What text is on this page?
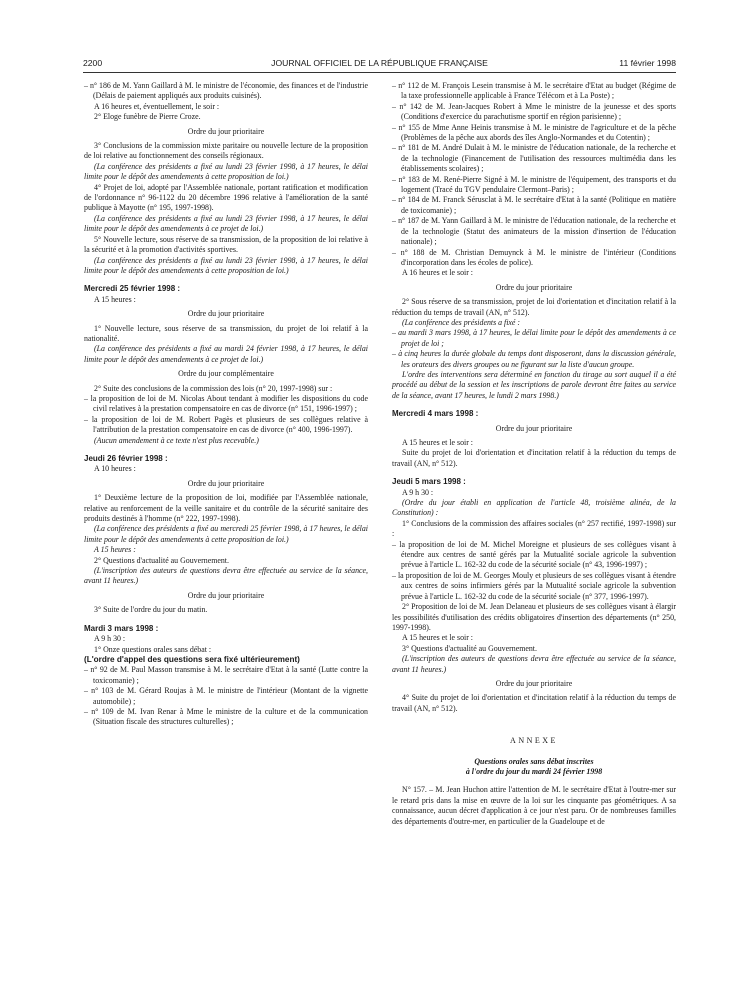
2200	JOURNAL OFFICIEL DE LA RÉPUBLIQUE FRANÇAISE	11 février 1998

– n° 186 de M. Yann Gaillard à M. le ministre de l'économie, des finances et de l'industrie (Délais de paiement appliqués aux produits cuisinés).

A 16 heures et, éventuellement, le soir :

2° Eloge funèbre de Pierre Croze.

Ordre du jour prioritaire

3° Conclusions de la commission mixte paritaire ou nouvelle lecture de la proposition de loi relative au fonctionnement des conseils régionaux.

(La conférence des présidents a fixé au lundi 23 février 1998, à 17 heures, le délai limite pour le dépôt des amendements à cette proposition de loi.)

4° Projet de loi, adopté par l'Assemblée nationale, portant ratification et modification de l'ordonnance n° 96-1122 du 20 décembre 1996 relative à l'amélioration de la santé publique à Mayotte (n° 195, 1997-1998).

(La conférence des présidents a fixé au lundi 23 février 1998, à 17 heures, le délai limite pour le dépôt des amendements à ce projet de loi.)

5° Nouvelle lecture, sous réserve de sa transmission, de la proposition de loi relative à la sécurité et à la promotion d'activités sportives.

(La conférence des présidents a fixé au lundi 23 février 1998, à 17 heures, le délai limite pour le dépôt des amendements à cette proposition de loi.)

Mercredi 25 février 1998 :

A 15 heures :

Ordre du jour prioritaire

1° Nouvelle lecture, sous réserve de sa transmission, du projet de loi relatif à la nationalité.

(La conférence des présidents a fixé au mardi 24 février 1998, à 17 heures, le délai limite pour le dépôt des amendements à ce projet de loi.)

Ordre du jour complémentaire

2° Suite des conclusions de la commission des lois (n° 20, 1997-1998) sur :

– la proposition de loi de M. Nicolas About tendant à modifier les dispositions du code civil relatives à la prestation compensatoire en cas de divorce (n° 151, 1996-1997) ;

– la proposition de loi de M. Robert Pagès et plusieurs de ses collègues relative à l'attribution de la prestation compensatoire en cas de divorce (n° 400, 1996-1997).

(Aucun amendement à ce texte n'est plus recevable.)

Jeudi 26 février 1998 :

A 10 heures :

Ordre du jour prioritaire

1° Deuxième lecture de la proposition de loi, modifiée par l'Assemblée nationale, relative au renforcement de la veille sanitaire et du contrôle de la sécurité sanitaire des produits destinés à l'homme (n° 222, 1997-1998).

(La conférence des présidents a fixé au mercredi 25 février 1998, à 17 heures, le délai limite pour le dépôt des amendements à cette proposition de loi.)

A 15 heures :

2° Questions d'actualité au Gouvernement.

(L'inscription des auteurs de questions devra être effectuée au service de la séance, avant 11 heures.)

Ordre du jour prioritaire

3° Suite de l'ordre du jour du matin.

Mardi 3 mars 1998 :

A 9 h 30 :

1° Onze questions orales sans débat :

(L'ordre d'appel des questions sera fixé ultérieurement)

– n° 92 de M. Paul Masson transmise à M. le secrétaire d'Etat à la santé (Lutte contre la toxicomanie) ;

– n° 103 de M. Gérard Roujas à M. le ministre de l'intérieur (Montant de la vignette automobile) ;

– n° 109 de M. Ivan Renar à Mme le ministre de la culture et de la communication (Situation fiscale des structures culturelles) ;

– n° 112 de M. François Lesein transmise à M. le secrétaire d'Etat au budget (Régime de la taxe professionnelle applicable à France Télécom et à La Poste) ;

– n° 142 de M. Jean-Jacques Robert à Mme le ministre de la jeunesse et des sports (Conditions d'exercice du parachutisme sportif en région parisienne) ;

– n° 155 de Mme Anne Heinis transmise à M. le ministre de l'agriculture et de la pêche (Problèmes de la pêche aux abords des îles Anglo-Normandes et du Cotentin) ;

– n° 181 de M. André Dulait à M. le ministre de l'éducation nationale, de la recherche et de la technologie (Financement de l'utilisation des ressources multimédia dans les établissements scolaires) ;

– n° 183 de M. René-Pierre Signé à M. le ministre de l'équipement, des transports et du logement (Tracé du TGV pendulaire Clermont–Paris) ;

– n° 184 de M. Franck Sérusclat à M. le secrétaire d'Etat à la santé (Politique en matière de toxicomanie) ;

– n° 187 de M. Yann Gaillard à M. le ministre de l'éducation nationale, de la recherche et de la technologie (Statut des animateurs de la mission d'insertion de l'éducation nationale) ;

– n° 188 de M. Christian Demuynck à M. le ministre de l'intérieur (Conditions d'incorporation dans les écoles de police).

A 16 heures et le soir :

Ordre du jour prioritaire

2° Sous réserve de sa transmission, projet de loi d'orientation et d'incitation relatif à la réduction du temps de travail (AN, n° 512).

(La conférence des présidents a fixé :

– au mardi 3 mars 1998, à 17 heures, le délai limite pour le dépôt des amendements à ce projet de loi ;

– à cinq heures la durée globale du temps dont disposeront, dans la discussion générale, les orateurs des divers groupes ou ne figurant sur la liste d'aucun groupe.

L'ordre des interventions sera déterminé en fonction du tirage au sort auquel il a été procédé au début de la session et les inscriptions de parole devront être faites au service de la séance, avant 17 heures, le lundi 2 mars 1998.)

Mercredi 4 mars 1998 :

Ordre du jour prioritaire

A 15 heures et le soir :

Suite du projet de loi d'orientation et d'incitation relatif à la réduction du temps de travail (AN, n° 512).

Jeudi 5 mars 1998 :

A 9 h 30 :

(Ordre du jour établi en application de l'article 48, troisième alinéa, de la Constitution) :

1° Conclusions de la commission des affaires sociales (n° 257 rectifié, 1997-1998) sur :

– la proposition de loi de M. Michel Moreigne et plusieurs de ses collègues visant à étendre aux centres de santé gérés par la Mutualité sociale agricole la subvention prévue à l'article L. 162-32 du code de la sécurité sociale (n° 43, 1996-1997) ;

– la proposition de loi de M. Georges Mouly et plusieurs de ses collègues visant à étendre aux centres de soins infirmiers gérés par la Mutualité sociale agricole la subvention prévue à l'article L. 162-32 du code de la sécurité sociale (n° 377, 1996-1997).

2° Proposition de loi de M. Jean Delaneau et plusieurs de ses collègues visant à élargir les possibilités d'utilisation des crédits obligatoires d'insertion des départements (n° 250, 1997-1998).

A 15 heures et le soir :

3° Questions d'actualité au Gouvernement.

(L'inscription des auteurs de questions devra être effectuée au service de la séance, avant 11 heures.)

Ordre du jour prioritaire

4° Suite du projet de loi d'orientation et d'incitation relatif à la réduction du temps de travail (AN, n° 512).

ANNEXE

Questions orales sans débat inscrites

à l'ordre du jour du mardi 24 février 1998

N° 157. – M. Jean Huchon attire l'attention de M. le secrétaire d'Etat à l'outre-mer sur le retard pris dans la mise en œuvre de la loi sur les cinquante pas géométriques. A sa connaissance, aucun décret d'application à ce jour n'est paru. Or de nombreuses familles des départements d'outre-mer, en particulier de la Guadeloupe et de
